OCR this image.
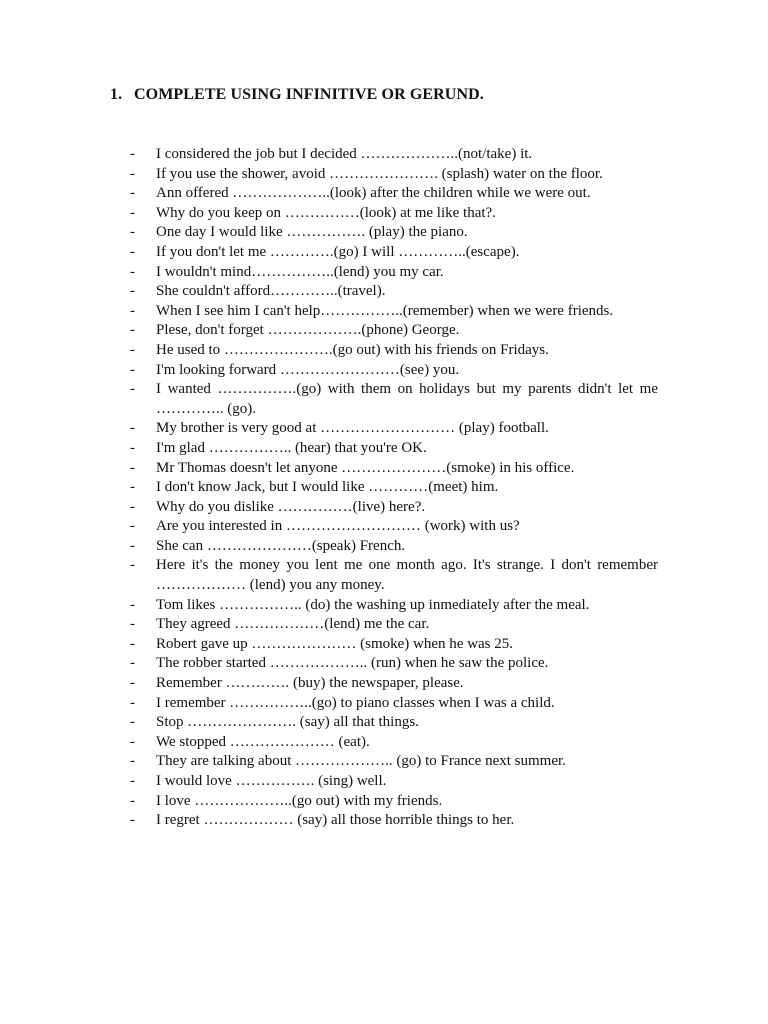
1. COMPLETE USING INFINITIVE OR GERUND.
- I considered the job but I decided ………………..(not/take) it.
- If you use the shower, avoid …………………. (splash) water on the floor.
- Ann offered ………………..(look) after the children while we were out.
- Why do you keep on ……………(look) at me like that?.
- One day I would like ……………. (play) the piano.
- If you don't let me ………….(go) I will …………..(escape).
- I wouldn't mind……………..(lend) you my car.
- She couldn't afford…………..(travel).
- When I see him I can't help……………..(remember) when we were friends.
- Plese, don't forget ……………….(phone) George.
- He used to ………………….(go out) with his friends on Fridays.
- I'm looking forward ……………………(see) you.
- I wanted …………….(go) with them on holidays but my parents didn't let me ………….. (go).
- My brother is very good at ……………………… (play) football.
- I'm glad …………….. (hear) that you're OK.
- Mr Thomas doesn't let anyone …………………(smoke) in his office.
- I don't know Jack, but I would like …………(meet) him.
- Why do you dislike ……………(live) here?.
- Are you interested in ……………………… (work) with us?
- She can …………………(speak) French.
- Here it's the money you lent me one month ago. It's strange. I don't remember ……………… (lend) you any money.
- Tom likes …………….. (do) the washing up inmediately after the meal.
- They agreed ………………(lend) me the car.
- Robert gave up ………………… (smoke) when he was 25.
- The robber started ……………….. (run) when he saw the police.
- Remember …………. (buy) the newspaper, please.
- I remember ……………..(go) to piano classes when I was a child.
- Stop …………………. (say) all that things.
- We stopped ………………… (eat).
- They are talking about ……………….. (go) to France next summer.
- I would love ……………. (sing) well.
- I love ………………..(go out) with my friends.
- I regret ……………… (say) all those horrible things to her.
